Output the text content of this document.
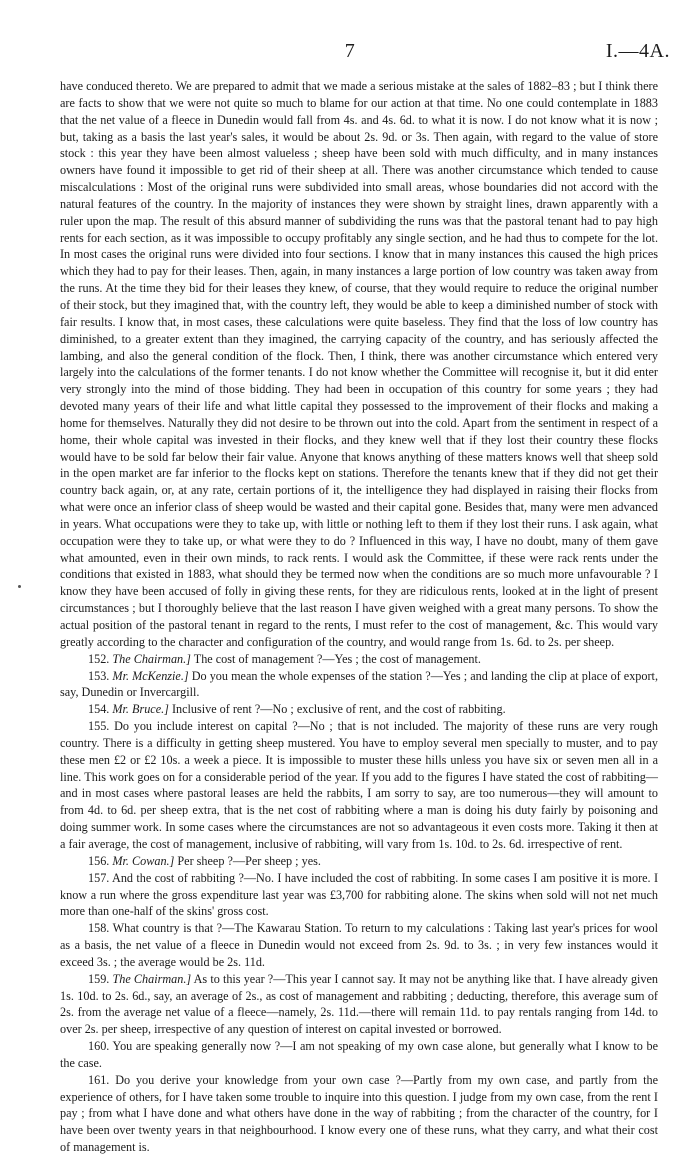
7	I.—4A.

have conduced thereto. We are prepared to admit that we made a serious mistake at the sales of 1882–83 ; but I think there are facts to show that we were not quite so much to blame for our action at that time. No one could contemplate in 1883 that the net value of a fleece in Dunedin would fall from 4s. and 4s. 6d. to what it is now. I do not know what it is now ; but, taking as a basis the last year's sales, it would be about 2s. 9d. or 3s. Then again, with regard to the value of store stock : this year they have been almost valueless ; sheep have been sold with much difficulty, and in many instances owners have found it impossible to get rid of their sheep at all. There was another circumstance which tended to cause miscalculations : Most of the original runs were subdivided into small areas, whose boundaries did not accord with the natural features of the country. In the majority of instances they were shown by straight lines, drawn apparently with a ruler upon the map. The result of this absurd manner of subdividing the runs was that the pastoral tenant had to pay high rents for each section, as it was impossible to occupy profitably any single section, and he had thus to compete for the lot. In most cases the original runs were divided into four sections. I know that in many instances this caused the high prices which they had to pay for their leases. Then, again, in many instances a large portion of low country was taken away from the runs. At the time they bid for their leases they knew, of course, that they would require to reduce the original number of their stock, but they imagined that, with the country left, they would be able to keep a diminished number of stock with fair results. I know that, in most cases, these calculations were quite baseless. They find that the loss of low country has diminished, to a greater extent than they imagined, the carrying capacity of the country, and has seriously affected the lambing, and also the general condition of the flock. Then, I think, there was another circumstance which entered very largely into the calculations of the former tenants. I do not know whether the Committee will recognise it, but it did enter very strongly into the mind of those bidding. They had been in occupation of this country for some years ; they had devoted many years of their life and what little capital they possessed to the improvement of their flocks and making a home for themselves. Naturally they did not desire to be thrown out into the cold. Apart from the sentiment in respect of a home, their whole capital was invested in their flocks, and they knew well that if they lost their country these flocks would have to be sold far below their fair value. Anyone that knows anything of these matters knows well that sheep sold in the open market are far inferior to the flocks kept on stations. Therefore the tenants knew that if they did not get their country back again, or, at any rate, certain portions of it, the intelligence they had displayed in raising their flocks from what were once an inferior class of sheep would be wasted and their capital gone. Besides that, many were men advanced in years. What occupations were they to take up, with little or nothing left to them if they lost their runs. I ask again, what occupation were they to take up, or what were they to do ? Influenced in this way, I have no doubt, many of them gave what amounted, even in their own minds, to rack rents. I would ask the Committee, if these were rack rents under the conditions that existed in 1883, what should they be termed now when the conditions are so much more unfavourable ? I know they have been accused of folly in giving these rents, for they are ridiculous rents, looked at in the light of present circumstances ; but I thoroughly believe that the last reason I have given weighed with a great many persons. To show the actual position of the pastoral tenant in regard to the rents, I must refer to the cost of management, &c. This would vary greatly according to the character and configuration of the country, and would range from 1s. 6d. to 2s. per sheep.

152. The Chairman.] The cost of management ?—Yes ; the cost of management.

153. Mr. McKenzie.] Do you mean the whole expenses of the station ?—Yes ; and landing the clip at place of export, say, Dunedin or Invercargill.

154. Mr. Bruce.] Inclusive of rent ?—No ; exclusive of rent, and the cost of rabbiting.

155. Do you include interest on capital ?—No ; that is not included. The majority of these runs are very rough country. There is a difficulty in getting sheep mustered. You have to employ several men specially to muster, and to pay these men £2 or £2 10s. a week a piece. It is impossible to muster these hills unless you have six or seven men all in a line. This work goes on for a considerable period of the year. If you add to the figures I have stated the cost of rabbiting—and in most cases where pastoral leases are held the rabbits, I am sorry to say, are too numerous—they will amount to from 4d. to 6d. per sheep extra, that is the net cost of rabbiting where a man is doing his duty fairly by poisoning and doing summer work. In some cases where the circumstances are not so advantageous it even costs more. Taking it then at a fair average, the cost of management, inclusive of rabbiting, will vary from 1s. 10d. to 2s. 6d. irrespective of rent.

156. Mr. Cowan.] Per sheep ?—Per sheep ; yes.

157. And the cost of rabbiting ?—No. I have included the cost of rabbiting. In some cases I am positive it is more. I know a run where the gross expenditure last year was £3,700 for rabbiting alone. The skins when sold will not net much more than one-half of the skins' gross cost.

158. What country is that ?—The Kawarau Station. To return to my calculations : Taking last year's prices for wool as a basis, the net value of a fleece in Dunedin would not exceed from 2s. 9d. to 3s. ; in very few instances would it exceed 3s. ; the average would be 2s. 11d.

159. The Chairman.] As to this year ?—This year I cannot say. It may not be anything like that. I have already given 1s. 10d. to 2s. 6d., say, an average of 2s., as cost of management and rabbiting ; deducting, therefore, this average sum of 2s. from the average net value of a fleece—namely, 2s. 11d.—there will remain 11d. to pay rentals ranging from 14d. to over 2s. per sheep, irrespective of any question of interest on capital invested or borrowed.

160. You are speaking generally now ?—I am not speaking of my own case alone, but generally what I know to be the case.

161. Do you derive your knowledge from your own case ?—Partly from my own case, and partly from the experience of others, for I have taken some trouble to inquire into this question. I judge from my own case, from the rent I pay ; from what I have done and what others have done in the way of rabbiting ; from the character of the country, for I have been over twenty years in that neighbourhood. I know every one of these runs, what they carry, and what their cost of management is.
